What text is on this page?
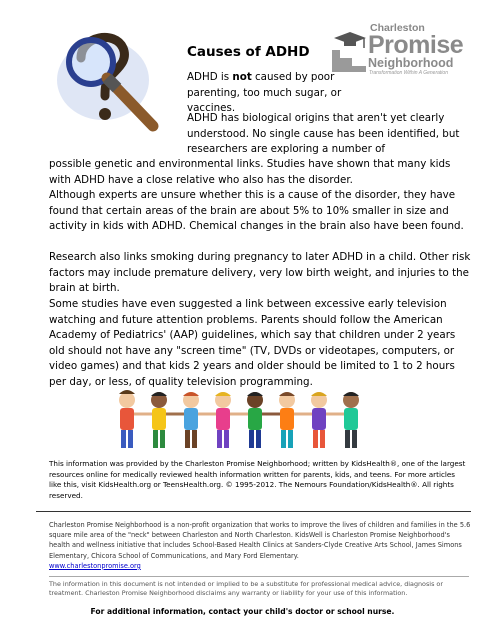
Charleston
Promise
Neighborhood
Transformation Within A Generation
Causes of ADHD
ADHD is not caused by poor parenting, too much sugar, or vaccines.
ADHD has biological origins that aren't yet clearly understood. No single cause has been identified, but researchers are exploring a number of
possible genetic and environmental links. Studies have shown that many kids with ADHD have a close relative who also has the disorder.
Although experts are unsure whether this is a cause of the disorder, they have found that certain areas of the brain are about 5% to 10% smaller in size and activity in kids with ADHD. Chemical changes in the brain also have been found.
Research also links smoking during pregnancy to later ADHD in a child. Other risk factors may include premature delivery, very low birth weight, and injuries to the brain at birth.
Some studies have even suggested a link between excessive early television watching and future attention problems. Parents should follow the American Academy of Pediatrics' (AAP) guidelines, which say that children under 2 years old should not have any "screen time" (TV, DVDs or videotapes, computers, or video games) and that kids 2 years and older should be limited to 1 to 2 hours per day, or less, of quality television programming.
This information was provided by the Charleston Promise Neighborhood; written by KidsHealth®, one of the largest resources online for medically reviewed health information written for parents, kids, and teens. For more articles like this, visit KidsHealth.org or TeensHealth.org. © 1995-2012. The Nemours Foundation/KidsHealth®. All rights reserved.
Charleston Promise Neighborhood is a non-profit organization that works to improve the lives of children and families in the 5.6 square mile area of the "neck" between Charleston and North Charleston. KidsWell is Charleston Promise Neighborhood's health and wellness initiative that includes School-Based Health Clinics at Sanders-Clyde Creative Arts School, James Simons Elementary, Chicora School of Communications, and Mary Ford Elementary.
www.charlestonpromise.org
The information in this document is not intended or implied to be a substitute for professional medical advice, diagnosis or treatment. Charleston Promise Neighborhood disclaims any warranty or liability for your use of this information.
For additional information, contact your child's doctor or school nurse.
